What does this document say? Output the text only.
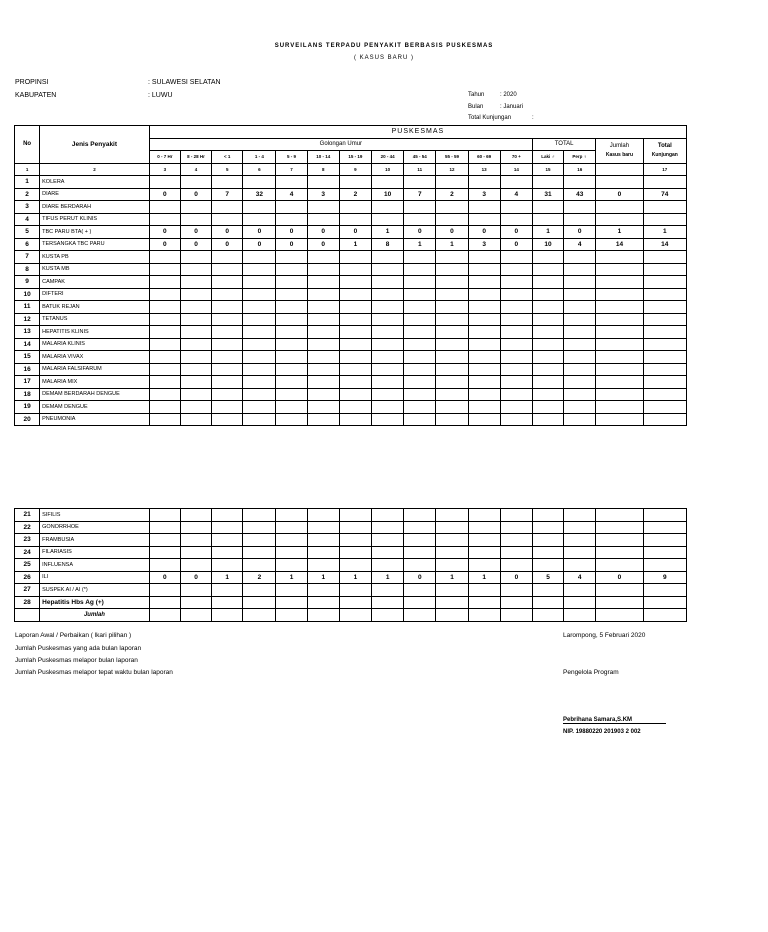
SURVEILANS TERPADU PENYAKIT BERBASIS PUSKESMAS
( KASUS BARU )
PROPINSI	: SULAWESI SELATAN
KABUPATEN	: LUWU	Tahun	: 2020
Bulan	: Januari
Total Kunjungan	:
No	Jenis Penyakit	PUSKESMAS															
		Golongan Umur												TOTAL		Jumlah
Kasus baru	Total
Kunjungan
		0 - 7 Hr	8 - 28 Hr	< 1	1 - 4	5 - 9	10 - 14	15 - 19	20 - 44	45 - 54	55 - 59	60 - 69	70 +	Laki ♂	Perp ♀		
1	2	3	4	5	6	7	8	9	10	11	12	13	14	15	16		17
1	KOLERA																
2	DIARE	0	0	7	32	4	3	2	10	7	2	3	4	31	43	0	74
3	DIARE BERDARAH																
4	TIFUS PERUT KLINIS																
5	TBC PARU BTA( + )	0	0	0	0	0	0	0	1	0	0	0	0	1	0	1	1
6	TERSANGKA TBC PARU	0	0	0	0	0	0	1	8	1	1	3	0	10	4	14	14
7	KUSTA PB																
8	KUSTA MB																
9	CAMPAK																
10	DIFTERI																
11	BATUK REJAN																
12	TETANUS																
13	HEPATITIS KLINIS																
14	MALARIA KLINIS																
15	MALARIA VIVAX																
16	MALARIA FALSIFARUM																
17	MALARIA MIX																
18	DEMAM BERDARAH DENGUE																
19	DEMAM DENGUE																
20	PNEUMONIA																
21	SIFILIS																
22	GONORRHOE																
23	FRAMBUSIA																
24	FILARIASIS																
25	INFLUENSA																
26	ILI	0	0	1	2	1	1	1	1	0	1	1	0	5	4	0	9
27	SUSPEK AI / AI (*)																
28	Hepatitis Hbs Ag (+)																
	Jumlah																
Laporan Awal / Perbaikan ( lkari pilihan )
Jumlah Puskesmas yang ada bulan laporan
Jumlah Puskesmas melapor bulan laporan
Jumlah Puskesmas melapor tepat waktu bulan laporan
Larompong, 5 Februari 2020
Pengelola Program
Pebrihana Samara,S.KM
NIP. 19880220 201903 2 002
